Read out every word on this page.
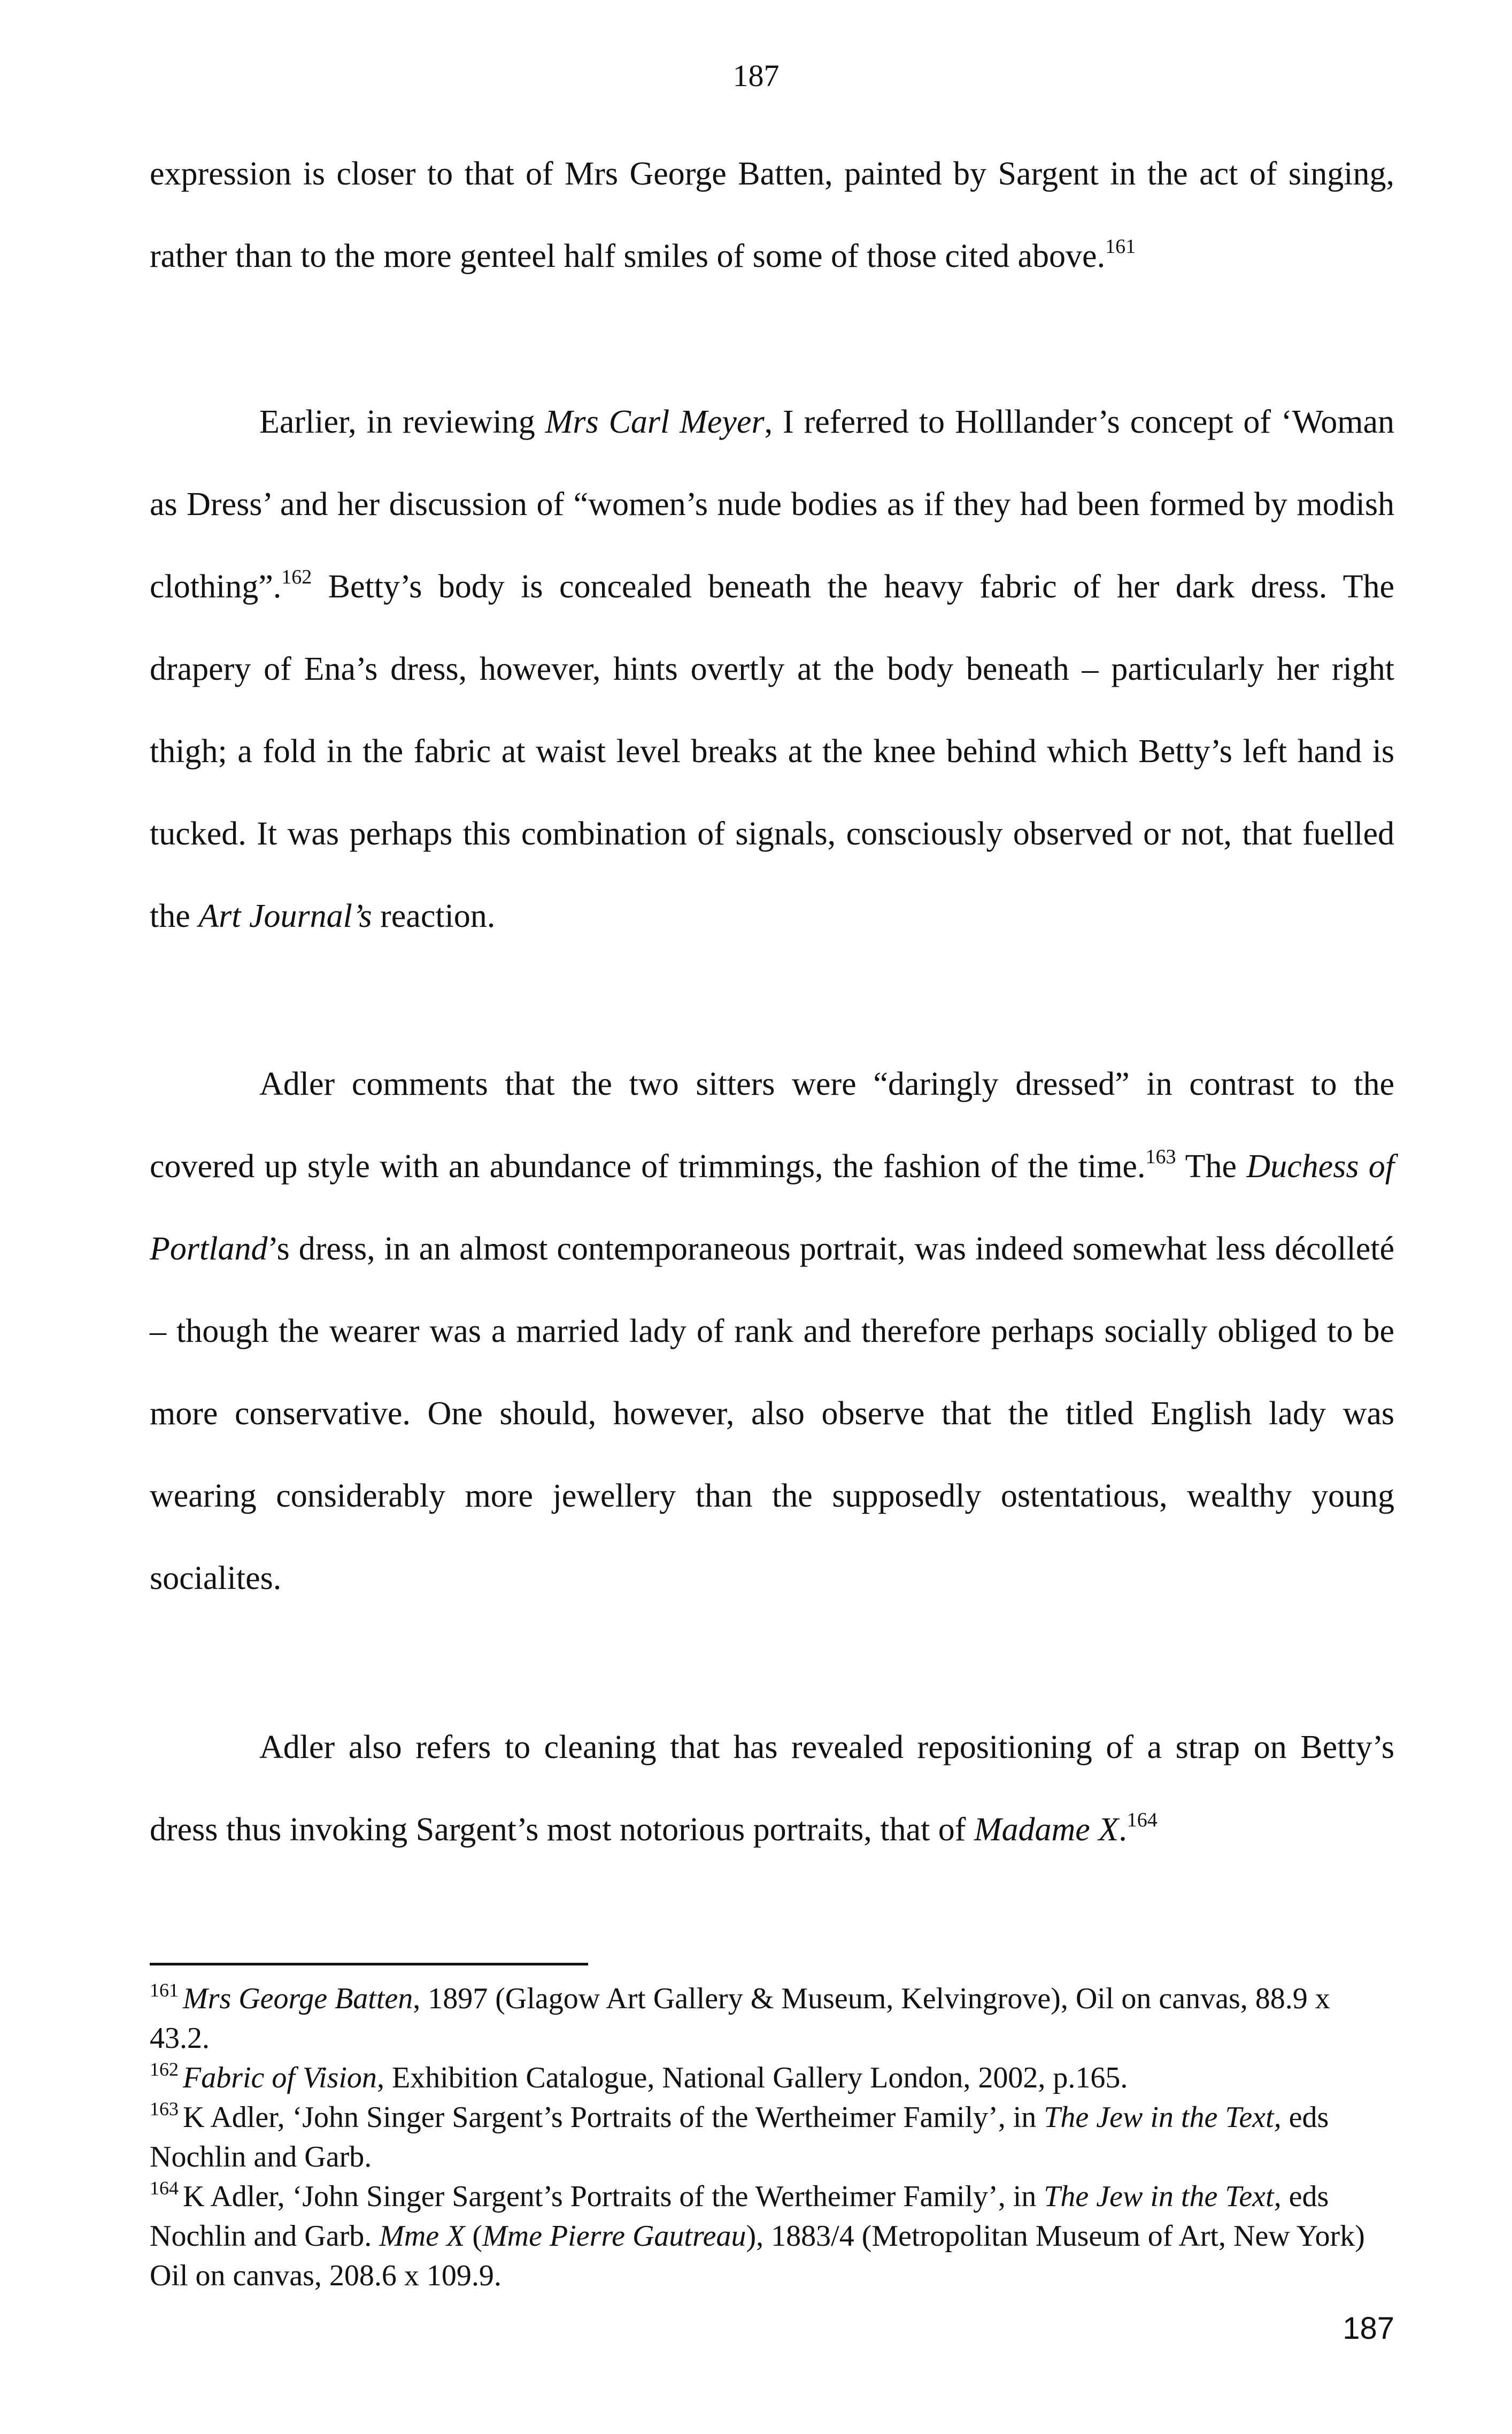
187

expression is closer to that of Mrs George Batten, painted by Sargent in the act of singing, rather than to the more genteel half smiles of some of those cited above.$^{161}$

Earlier, in reviewing Mrs Carl Meyer, I referred to Holllander’s concept of ‘Woman as Dress’ and her discussion of “women’s nude bodies as if they had been formed by modish clothing”.$^{162}$ Betty’s body is concealed beneath the heavy fabric of her dark dress. The drapery of Ena’s dress, however, hints overtly at the body beneath – particularly her right thigh; a fold in the fabric at waist level breaks at the knee behind which Betty’s left hand is tucked. It was perhaps this combination of signals, consciously observed or not, that fuelled the Art Journal’s reaction.

Adler comments that the two sitters were “daringly dressed” in contrast to the covered up style with an abundance of trimmings, the fashion of the time.$^{163}$ The Duchess of Portland’s dress, in an almost contemporaneous portrait, was indeed somewhat less décolleté – though the wearer was a married lady of rank and therefore perhaps socially obliged to be more conservative. One should, however, also observe that the titled English lady was wearing considerably more jewellery than the supposedly ostentatious, wealthy young socialites.

Adler also refers to cleaning that has revealed repositioning of a strap on Betty’s dress thus invoking Sargent’s most notorious portraits, that of Madame X.$^{164}$

$^{161}$ Mrs George Batten, 1897 (Glagow Art Gallery & Museum, Kelvingrove), Oil on canvas, 88.9 x 43.2.

$^{162}$ Fabric of Vision, Exhibition Catalogue, National Gallery London, 2002, p.165.

$^{163}$ K Adler, ‘John Singer Sargent’s Portraits of the Wertheimer Family’, in The Jew in the Text, eds Nochlin and Garb.

$^{164}$ K Adler, ‘John Singer Sargent’s Portraits of the Wertheimer Family’, in The Jew in the Text, eds Nochlin and Garb. Mme X (Mme Pierre Gautreau), 1883/4 (Metropolitan Museum of Art, New York) Oil on canvas, 208.6 x 109.9.

187
